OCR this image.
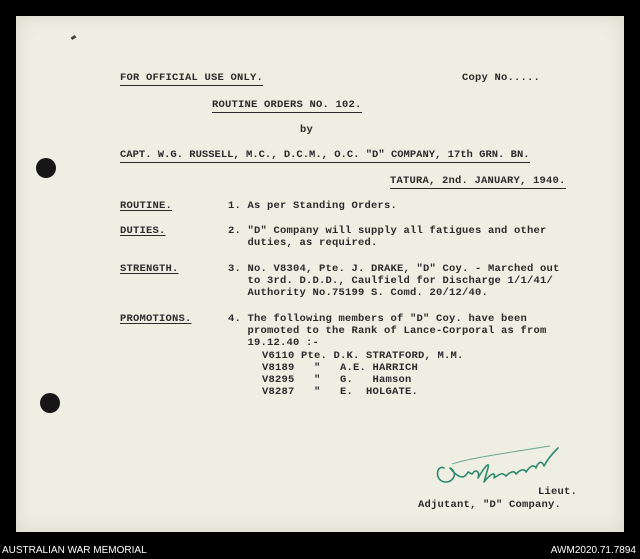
FOR OFFICIAL USE ONLY.	Copy No.....
ROUTINE ORDERS NO. 102.
by
CAPT. W.G. RUSSELL, M.C., D.C.M., O.C. "D" COMPANY, 17th GRN. BN.
TATURA, 2nd. JANUARY, 1940.
ROUTINE.	1. As per Standing Orders.
DUTIES.	2. "D" Company will supply all fatigues and other
duties, as required.
STRENGTH.	3. No. V8304, Pte. J. DRAKE, "D" Coy. - Marched out
to 3rd. D.D.D., Caulfield for Discharge 1/1/41/
Authority No.75199 S. Comd. 20/12/40.
PROMOTIONS.	4. The following members of "D" Coy. have been
promoted to the Rank of Lance-Corporal as from
19.12.40 :-
V6110 Pte. D.K. STRATFORD, M.M.
V8189   "   A.E. HARRICH
V8295   "   G.   Hamson
V8287   "   E.  HOLGATE.
Lieut.
Adjutant, "D" Company.
AUSTRALIAN WAR MEMORIAL	AWM2020.71.7894
